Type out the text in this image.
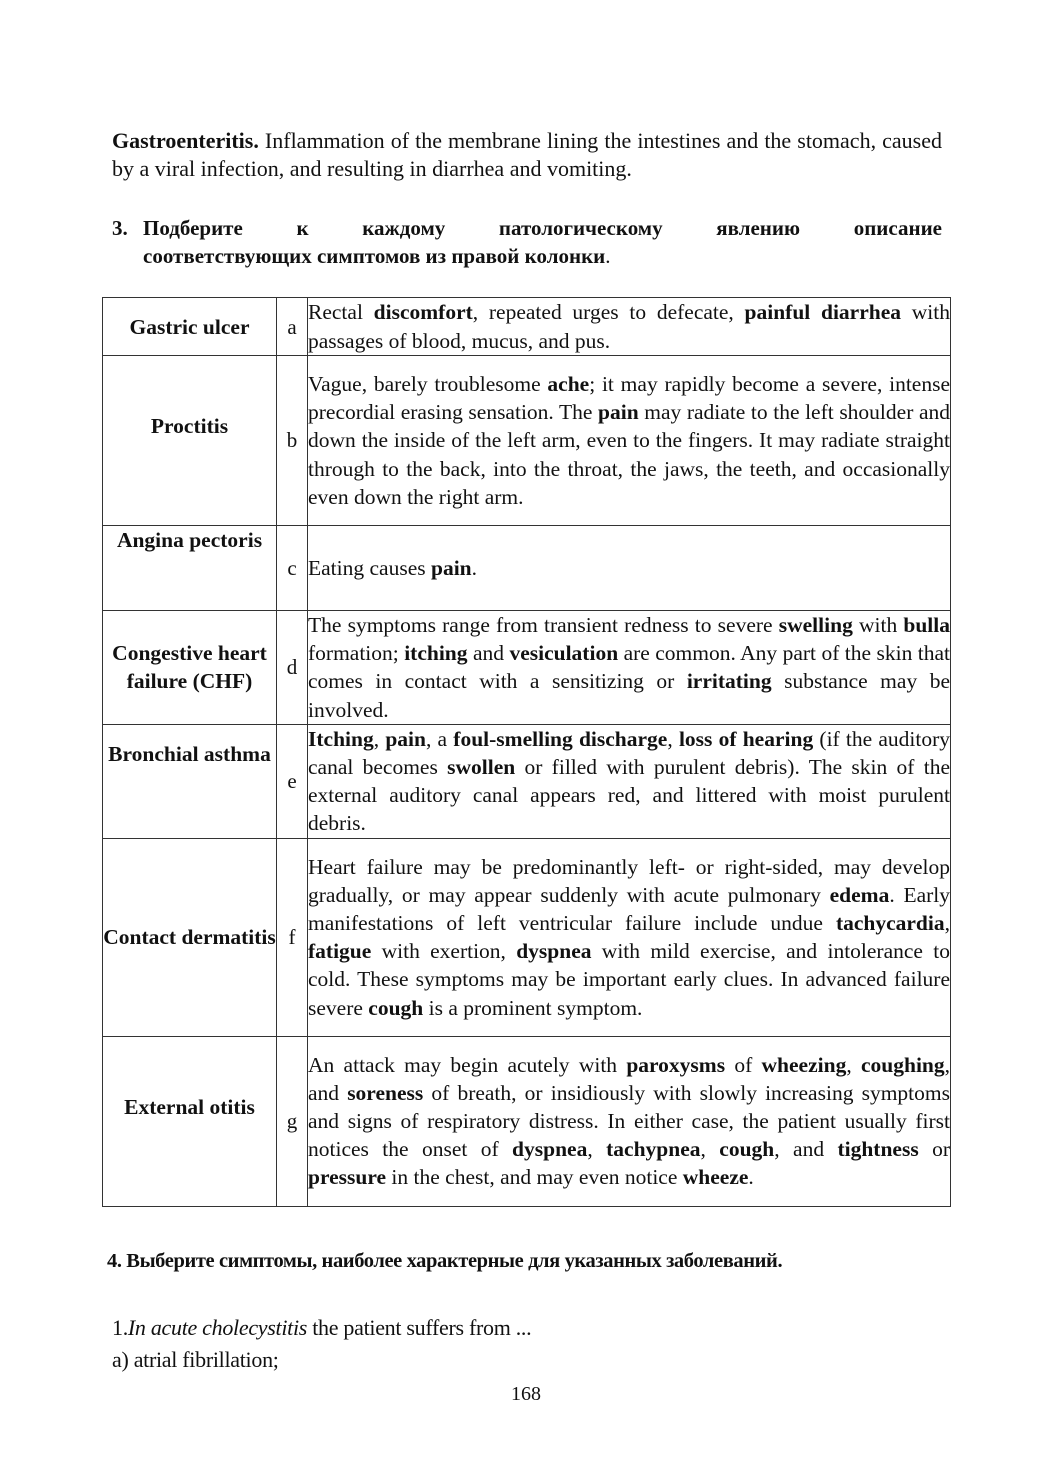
Gastroenteritis. Inflammation of the membrane lining the intestines and the stomach, caused by a viral infection, and resulting in diarrhea and vomiting.
3. Подберите к каждому патологическому явлению описание
соответствующих симптомов из правой колонки.
Gastric ulcer	a	Rectal discomfort, repeated urges to defecate, painful diarrhea with passages of blood, mucus, and pus.
Proctitis	b	Vague, barely troublesome ache; it may rapidly become a severe, intense precordial erasing sensation. The pain may radiate to the left shoulder and down the inside of the left arm, even to the fingers. It may radiate straight through to the back, into the throat, the jaws, the teeth, and occasionally even down the right arm.
Angina pectoris	c	Eating causes pain.
Congestive heart failure (CHF)	d	The symptoms range from transient redness to severe swelling with bulla formation; itching and vesiculation are common. Any part of the skin that comes in contact with a sensitizing or irritating substance may be involved.
Bronchial asthma	e	Itching, pain, a foul-smelling discharge, loss of hearing (if the auditory canal becomes swollen or filled with purulent debris). The skin of the external auditory canal appears red, and littered with moist purulent debris.
Contact dermatitis	f	Heart failure may be predominantly left- or right-sided, may develop gradually, or may appear suddenly with acute pulmonary edema. Early manifestations of left ventricular failure include undue tachycardia, fatigue with exertion, dyspnea with mild exercise, and intolerance to cold. These symptoms may be important early clues. In advanced failure severe cough is a prominent symptom.
External otitis	g	An attack may begin acutely with paroxysms of wheezing, coughing, and soreness of breath, or insidiously with slowly increasing symptoms and signs of respiratory distress. In either case, the patient usually first notices the onset of dyspnea, tachypnea, cough, and tightness or pressure in the chest, and may even notice wheeze.
4. Выберите симптомы, наиболее характерные для указанных заболеваний.
1.In acute cholecystitis the patient suffers from ...
a) atrial fibrillation;
168
